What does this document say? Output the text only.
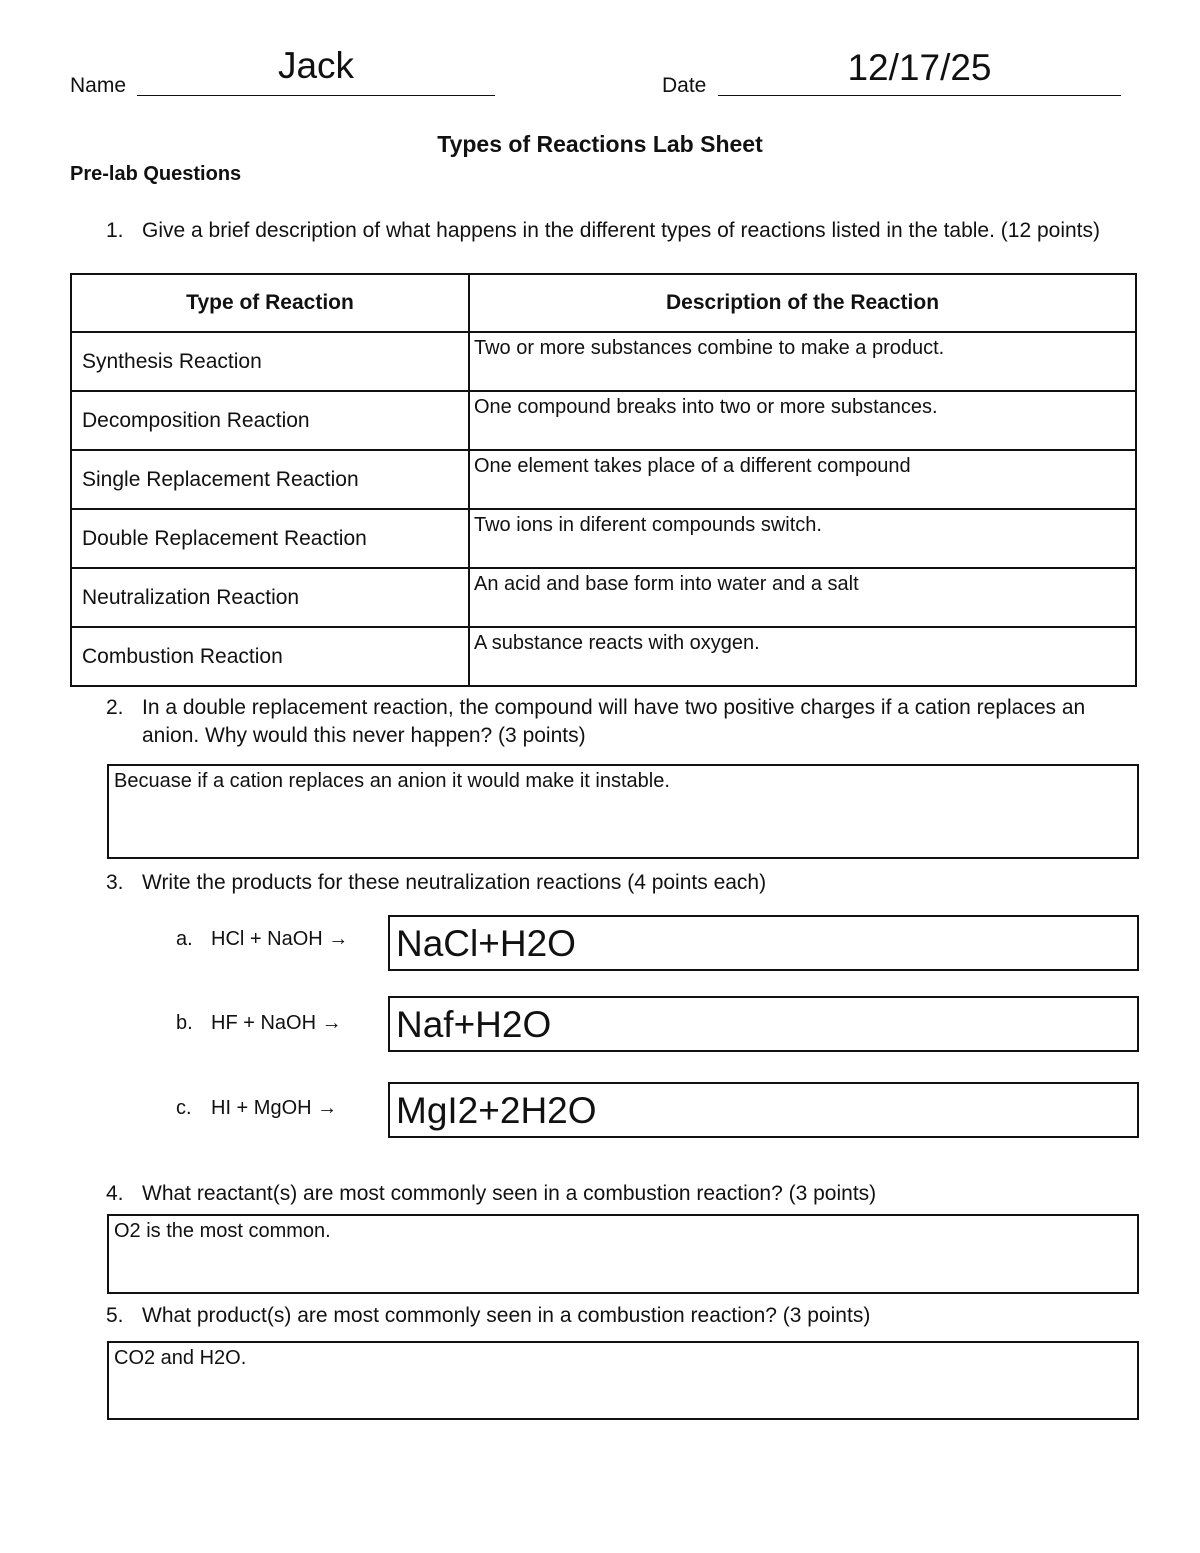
Name	Jack	Date	12/17/25
Types of Reactions Lab Sheet
Pre-lab Questions
1. Give a brief description of what happens in the different types of reactions listed in the table. (12 points)
Type of Reaction	Description of the Reaction
Synthesis Reaction	Two or more substances combine to make a product.
Decomposition Reaction	One compound breaks into two or more substances.
Single Replacement Reaction	One element takes place of a different compound
Double Replacement Reaction	Two ions in diferent compounds switch.
Neutralization Reaction	An acid and base form into water and a salt
Combustion Reaction	A substance reacts with oxygen.
2. In a double replacement reaction, the compound will have two positive charges if a cation replaces an anion. Why would this never happen? (3 points)
Becuase if a cation replaces an anion it would make it instable.
3. Write the products for these neutralization reactions (4 points each)
a. HCl + NaOH → NaCl+H2O
b. HF + NaOH → Naf+H2O
c. HI + MgOH → MgI2+2H2O
4. What reactant(s) are most commonly seen in a combustion reaction? (3 points)
O2 is the most common.
5. What product(s) are most commonly seen in a combustion reaction? (3 points)
CO2 and H2O.
